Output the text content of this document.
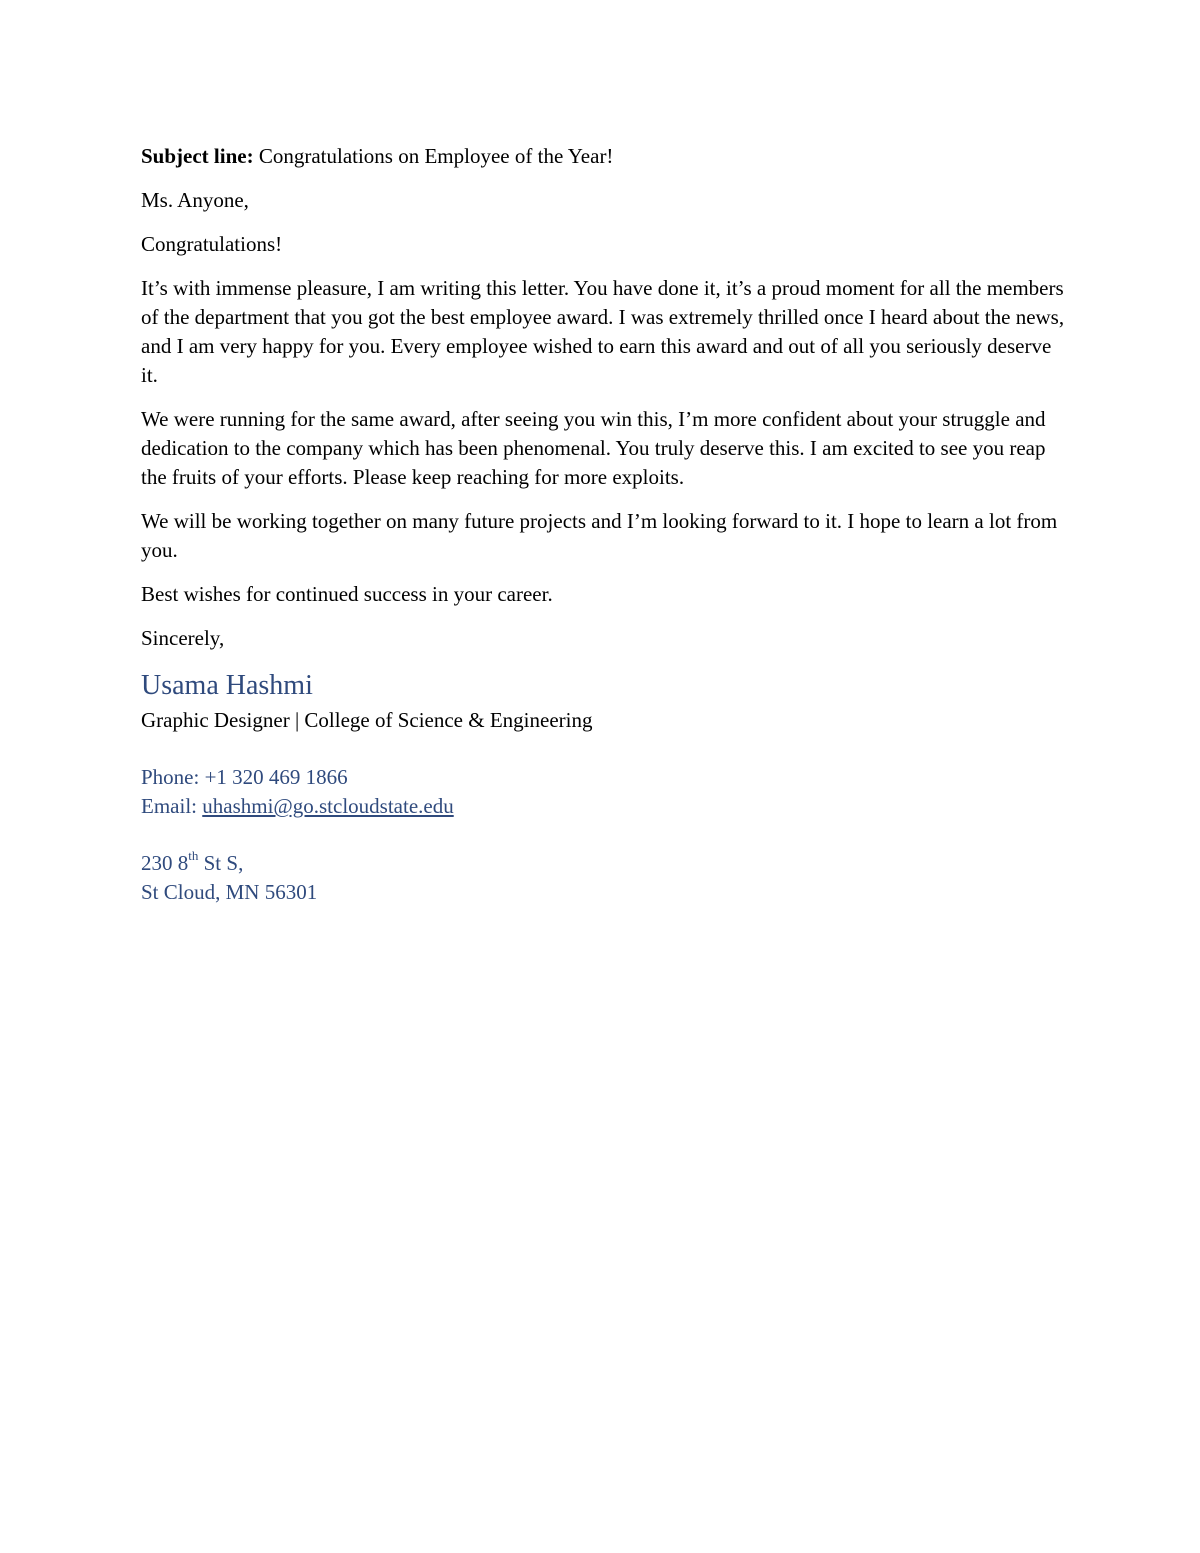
Subject line: Congratulations on Employee of the Year!

Ms. Anyone,

Congratulations!

It’s with immense pleasure, I am writing this letter. You have done it, it’s a proud moment for all the members of the department that you got the best employee award. I was extremely thrilled once I heard about the news, and I am very happy for you. Every employee wished to earn this award and out of all you seriously deserve it.

We were running for the same award, after seeing you win this, I’m more confident about your struggle and dedication to the company which has been phenomenal. You truly deserve this. I am excited to see you reap the fruits of your efforts. Please keep reaching for more exploits.

We will be working together on many future projects and I’m looking forward to it. I hope to learn a lot from you.

Best wishes for continued success in your career.

Sincerely,

Usama Hashmi
Graphic Designer | College of Science & Engineering
Phone: +1 320 469 1866
Email: uhashmi@go.stcloudstate.edu
230 8th St S,
St Cloud, MN 56301
